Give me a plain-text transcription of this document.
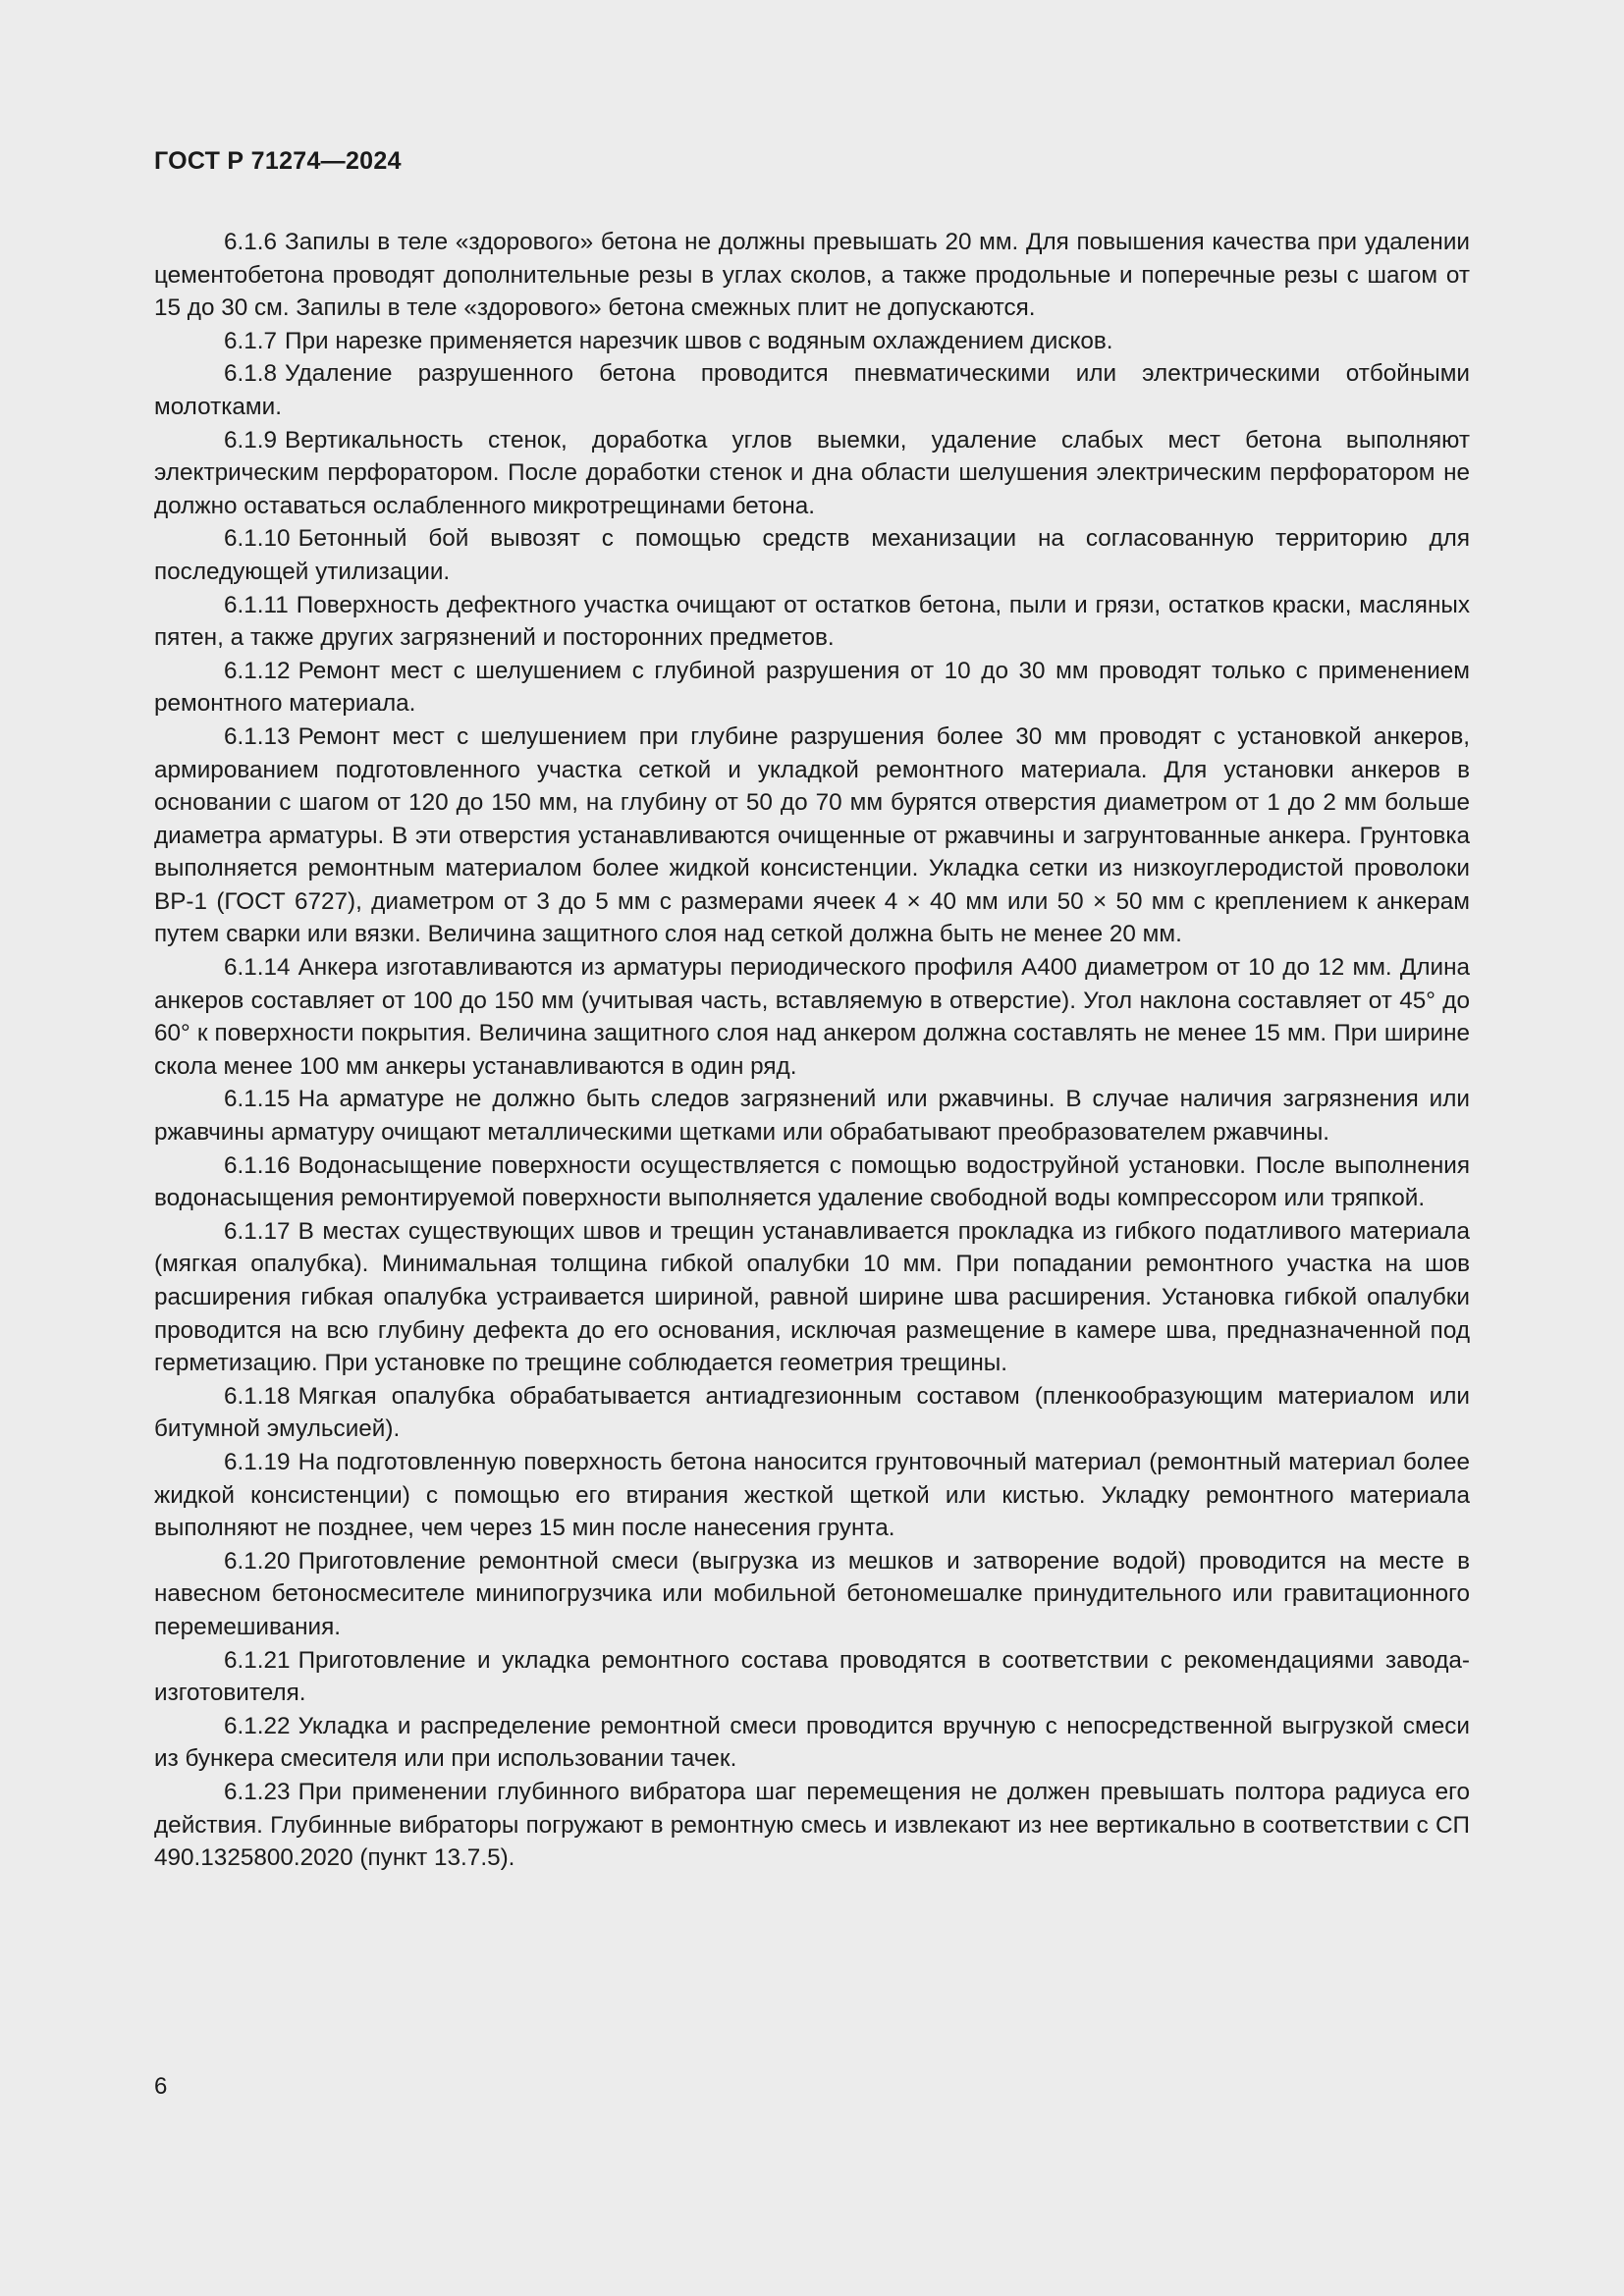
ГОСТ Р 71274—2024

6.1.6 Запилы в теле «здорового» бетона не должны превышать 20 мм. Для повышения качества при удалении цементобетона проводят дополнительные резы в углах сколов, а также продольные и поперечные резы с шагом от 15 до 30 см. Запилы в теле «здорового» бетона смежных плит не допускаются.

6.1.7 При нарезке применяется нарезчик швов с водяным охлаждением дисков.

6.1.8 Удаление разрушенного бетона проводится пневматическими или электрическими отбойными молотками.

6.1.9 Вертикальность стенок, доработка углов выемки, удаление слабых мест бетона выполняют электрическим перфоратором. После доработки стенок и дна области шелушения электрическим перфоратором не должно оставаться ослабленного микротрещинами бетона.

6.1.10 Бетонный бой вывозят с помощью средств механизации на согласованную территорию для последующей утилизации.

6.1.11 Поверхность дефектного участка очищают от остатков бетона, пыли и грязи, остатков краски, масляных пятен, а также других загрязнений и посторонних предметов.

6.1.12 Ремонт мест с шелушением с глубиной разрушения от 10 до 30 мм проводят только с применением ремонтного материала.

6.1.13 Ремонт мест с шелушением при глубине разрушения более 30 мм проводят с установкой анкеров, армированием подготовленного участка сеткой и укладкой ремонтного материала. Для установки анкеров в основании с шагом от 120 до 150 мм, на глубину от 50 до 70 мм бурятся отверстия диаметром от 1 до 2 мм больше диаметра арматуры. В эти отверстия устанавливаются очищенные от ржавчины и загрунтованные анкера. Грунтовка выполняется ремонтным материалом более жидкой консистенции. Укладка сетки из низкоуглеродистой проволоки ВР-1 (ГОСТ 6727), диаметром от 3 до 5 мм с размерами ячеек 4 × 40 мм или 50 × 50 мм с креплением к анкерам путем сварки или вязки. Величина защитного слоя над сеткой должна быть не менее 20 мм.

6.1.14 Анкера изготавливаются из арматуры периодического профиля А400 диаметром от 10 до 12 мм. Длина анкеров составляет от 100 до 150 мм (учитывая часть, вставляемую в отверстие). Угол наклона составляет от 45° до 60° к поверхности покрытия. Величина защитного слоя над анкером должна составлять не менее 15 мм. При ширине скола менее 100 мм анкеры устанавливаются в один ряд.

6.1.15 На арматуре не должно быть следов загрязнений или ржавчины. В случае наличия загрязнения или ржавчины арматуру очищают металлическими щетками или обрабатывают преобразователем ржавчины.

6.1.16 Водонасыщение поверхности осуществляется с помощью водоструйной установки. После выполнения водонасыщения ремонтируемой поверхности выполняется удаление свободной воды компрессором или тряпкой.

6.1.17 В местах существующих швов и трещин устанавливается прокладка из гибкого податливого материала (мягкая опалубка). Минимальная толщина гибкой опалубки 10 мм. При попадании ремонтного участка на шов расширения гибкая опалубка устраивается шириной, равной ширине шва расширения. Установка гибкой опалубки проводится на всю глубину дефекта до его основания, исключая размещение в камере шва, предназначенной под герметизацию. При установке по трещине соблюдается геометрия трещины.

6.1.18 Мягкая опалубка обрабатывается антиадгезионным составом (пленкообразующим материалом или битумной эмульсией).

6.1.19 На подготовленную поверхность бетона наносится грунтовочный материал (ремонтный материал более жидкой консистенции) с помощью его втирания жесткой щеткой или кистью. Укладку ремонтного материала выполняют не позднее, чем через 15 мин после нанесения грунта.

6.1.20 Приготовление ремонтной смеси (выгрузка из мешков и затворение водой) проводится на месте в навесном бетоносмесителе минипогрузчика или мобильной бетономешалке принудительного или гравитационного перемешивания.

6.1.21 Приготовление и укладка ремонтного состава проводятся в соответствии с рекомендациями завода-изготовителя.

6.1.22 Укладка и распределение ремонтной смеси проводится вручную с непосредственной выгрузкой смеси из бункера смесителя или при использовании тачек.

6.1.23 При применении глубинного вибратора шаг перемещения не должен превышать полтора радиуса его действия. Глубинные вибраторы погружают в ремонтную смесь и извлекают из нее вертикально в соответствии с СП 490.1325800.2020 (пункт 13.7.5).

6
